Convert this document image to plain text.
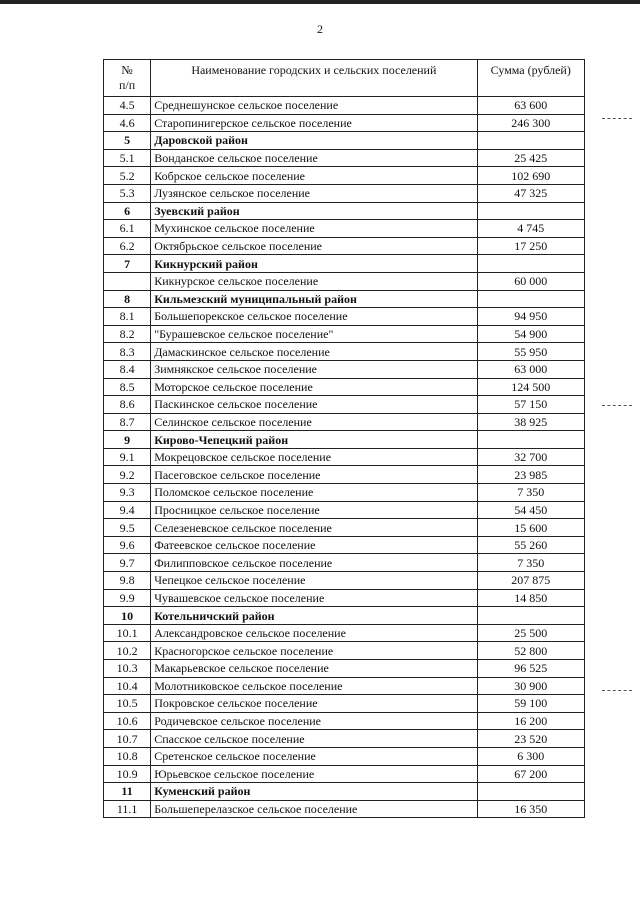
2
№
п/п	Наименование городских и сельских поселений	Сумма (рублей)
4.5	Среднешунское сельское поселение	63 600
4.6	Старопинигерское сельское поселение	246 300
5	Даровской район	
5.1	Вонданское сельское поселение	25 425
5.2	Кобрское сельское поселение	102 690
5.3	Лузянское сельское поселение	47 325
6	Зуевский район	
6.1	Мухинское сельское поселение	4 745
6.2	Октябрьское сельское поселение	17 250
7	Кикнурский район	
	Кикнурское сельское поселение	60 000
8	Кильмезский муниципальный район	
8.1	Большепорекское сельское поселение	94 950
8.2	"Бурашевское сельское поселение"	54 900
8.3	Дамаскинское сельское поселение	55 950
8.4	Зимнякское сельское поселение	63 000
8.5	Моторское сельское поселение	124 500
8.6	Паскинское сельское поселение	57 150
8.7	Селинское сельское поселение	38 925
9	Кирово-Чепецкий район	
9.1	Мокрецовское сельское поселение	32 700
9.2	Пасеговское сельское поселение	23 985
9.3	Поломское сельское поселение	7 350
9.4	Просницкое сельское поселение	54 450
9.5	Селезеневское сельское поселение	15 600
9.6	Фатеевское сельское поселение	55 260
9.7	Филипповское сельское поселение	7 350
9.8	Чепецкое сельское поселение	207 875
9.9	Чувашевское сельское поселение	14 850
10	Котельничский район	
10.1	Александровское сельское поселение	25 500
10.2	Красногорское сельское поселение	52 800
10.3	Макарьевское сельское поселение	96 525
10.4	Молотниковское сельское поселение	30 900
10.5	Покровское сельское поселение	59 100
10.6	Родичевское сельское поселение	16 200
10.7	Спасское сельское поселение	23 520
10.8	Сретенское сельское поселение	6 300
10.9	Юрьевское сельское поселение	67 200
11	Куменский район	
11.1	Большеперелазское сельское поселение	16 350
